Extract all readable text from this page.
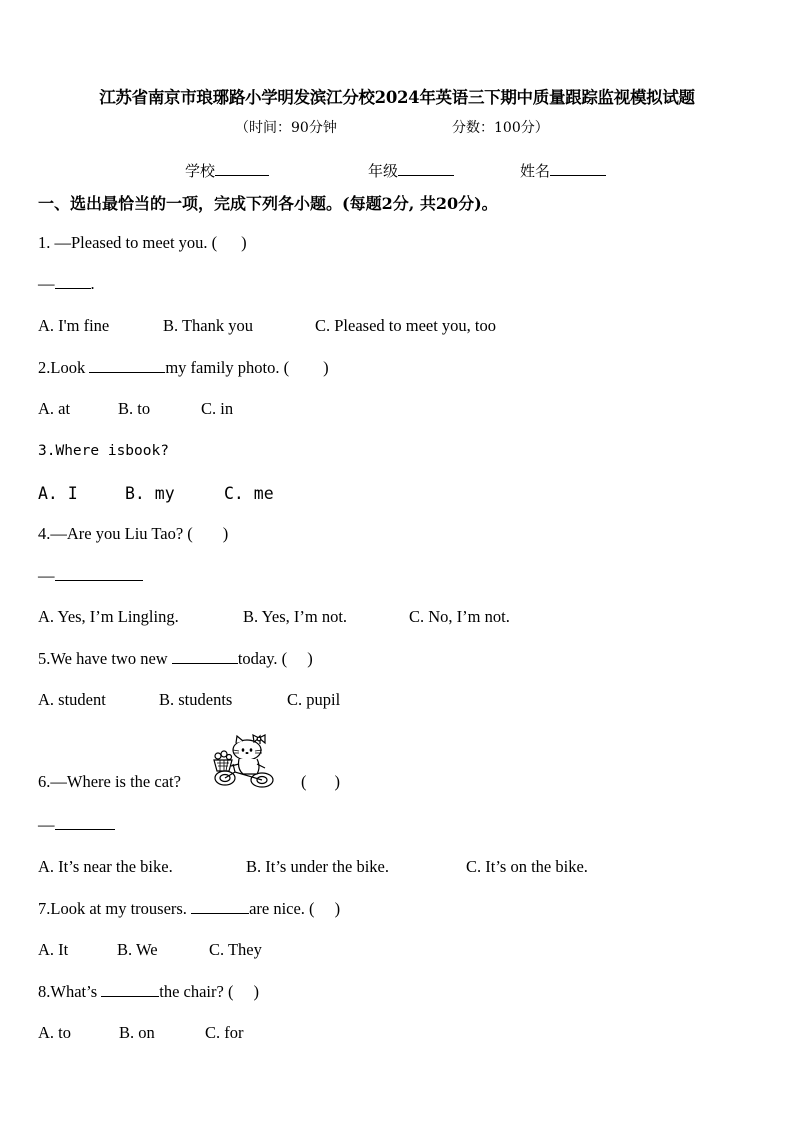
江苏省南京市琅琊路小学明发滨江分校2024年英语三下期中质量跟踪监视模拟试题
（时间：90分钟	分数：100分）
学校	年级	姓名
一、选出最恰当的一项，完成下列各小题。(每题2分, 共20分)。
1. —Pleased to meet you. ( )
— .
A. I'm fine	B. Thank you	C. Pleased to meet you, too
2.Look	my family photo. ( )
A. at	B. to	C. in
3.Where isbook?
A. I	B. my	C. me
4.—Are you Liu Tao? ( )
—
A. Yes, I’m Lingling.	B. Yes, I’m not.	C. No, I’m not.
5.We have two new	today. ( )
A. student	B. students	C. pupil
6.—Where is the cat?	( )
—
A. It’s near the bike.	B. It’s under the bike.	C. It’s on the bike.
7.Look at my trousers.	are nice. ( )
A. It	B. We	C. They
8.What’s	the chair? ( )
A. to	B. on	C. for
